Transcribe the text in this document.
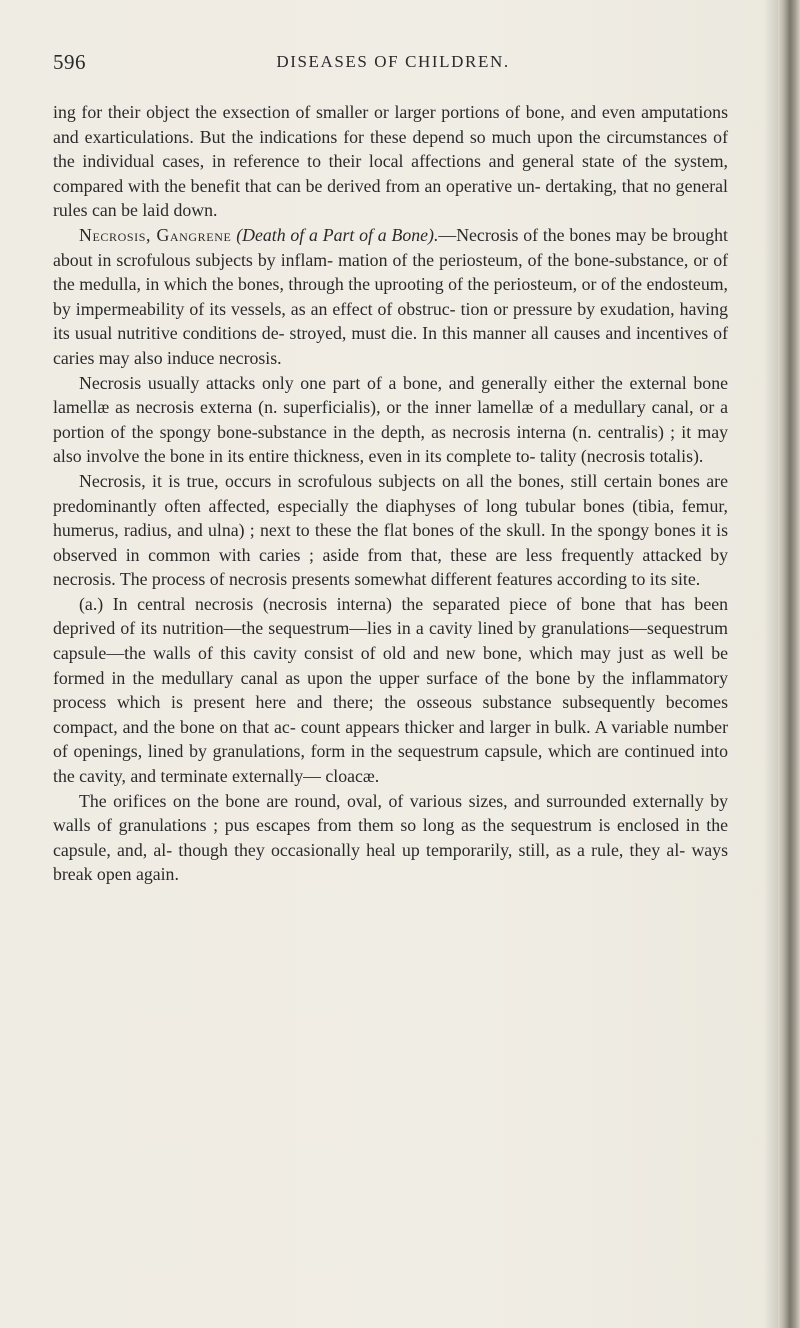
596	DISEASES OF CHILDREN.

ing for their object the exsection of smaller or larger portions of bone, and even amputations and exarticulations. But the indications for these depend so much upon the circumstances of the individual cases, in reference to their local affections and general state of the system, compared with the benefit that can be derived from an operative un- dertaking, that no general rules can be laid down.

Necrosis, Gangrene (Death of a Part of a Bone).—Necrosis of the bones may be brought about in scrofulous subjects by inflam- mation of the periosteum, of the bone-substance, or of the medulla, in which the bones, through the uprooting of the periosteum, or of the endosteum, by impermeability of its vessels, as an effect of obstruc- tion or pressure by exudation, having its usual nutritive conditions de- stroyed, must die. In this manner all causes and incentives of caries may also induce necrosis.

Necrosis usually attacks only one part of a bone, and generally either the external bone lamellæ as necrosis externa (n. superficialis), or the inner lamellæ of a medullary canal, or a portion of the spongy bone-substance in the depth, as necrosis interna (n. centralis) ; it may also involve the bone in its entire thickness, even in its complete to- tality (necrosis totalis).

Necrosis, it is true, occurs in scrofulous subjects on all the bones, still certain bones are predominantly often affected, especially the diaphyses of long tubular bones (tibia, femur, humerus, radius, and ulna) ; next to these the flat bones of the skull. In the spongy bones it is observed in common with caries ; aside from that, these are less frequently attacked by necrosis. The process of necrosis presents somewhat different features according to its site.

(a.) In central necrosis (necrosis interna) the separated piece of bone that has been deprived of its nutrition—the sequestrum—lies in a cavity lined by granulations—sequestrum capsule—the walls of this cavity consist of old and new bone, which may just as well be formed in the medullary canal as upon the upper surface of the bone by the inflammatory process which is present here and there; the osseous substance subsequently becomes compact, and the bone on that ac- count appears thicker and larger in bulk. A variable number of openings, lined by granulations, form in the sequestrum capsule, which are continued into the cavity, and terminate externally— cloacæ.

The orifices on the bone are round, oval, of various sizes, and surrounded externally by walls of granulations ; pus escapes from them so long as the sequestrum is enclosed in the capsule, and, al- though they occasionally heal up temporarily, still, as a rule, they al- ways break open again.
